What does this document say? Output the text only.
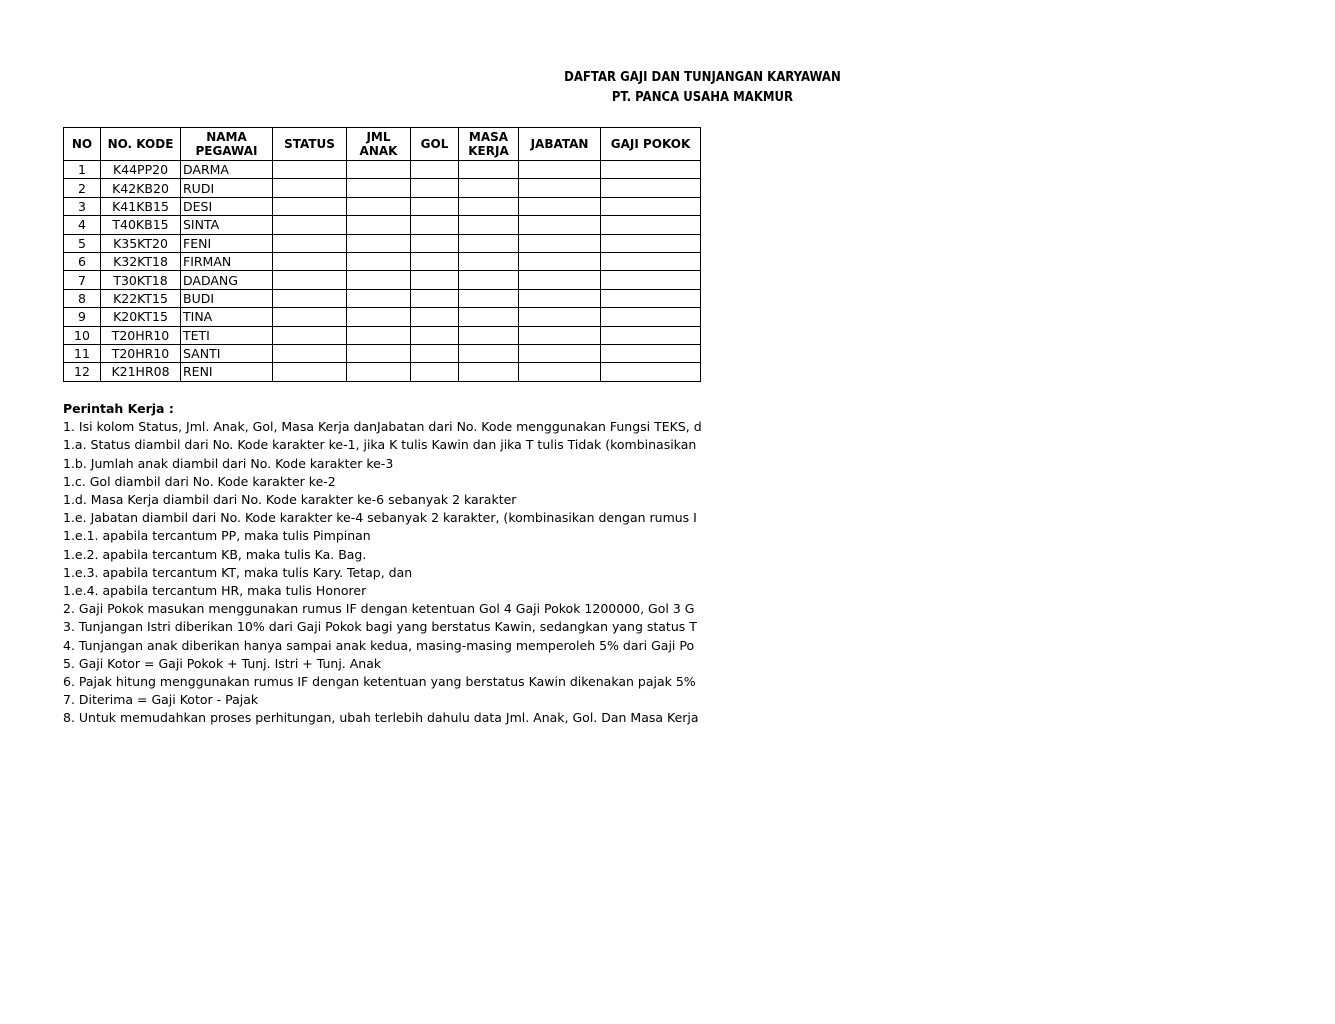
DAFTAR GAJI DAN TUNJANGAN KARYAWAN
PT. PANCA USAHA MAKMUR
NO	NO. KODE	NAMA PEGAWAI	STATUS	JML ANAK	GOL	MASA KERJA	JABATAN	GAJI POKOK
1	K44PP20	DARMA						
2	K42KB20	RUDI						
3	K41KB15	DESI						
4	T40KB15	SINTA						
5	K35KT20	FENI						
6	K32KT18	FIRMAN						
7	T30KT18	DADANG						
8	K22KT15	BUDI						
9	K20KT15	TINA						
10	T20HR10	TETI						
11	T20HR10	SANTI						
12	K21HR08	RENI						
Perintah Kerja :
1. Isi kolom Status, Jml. Anak, Gol, Masa Kerja danJabatan dari No. Kode menggunakan Fungsi TEKS, d
1.a. Status diambil dari No. Kode karakter ke-1, jika K tulis Kawin dan jika T tulis Tidak (kombinasikan
1.b. Jumlah anak diambil dari No. Kode karakter ke-3
1.c. Gol diambil dari No. Kode karakter ke-2
1.d. Masa Kerja diambil dari No. Kode karakter ke-6 sebanyak 2 karakter
1.e. Jabatan diambil dari No. Kode karakter ke-4 sebanyak 2 karakter, (kombinasikan dengan rumus I
1.e.1. apabila tercantum PP, maka tulis Pimpinan
1.e.2. apabila tercantum KB, maka tulis Ka. Bag.
1.e.3. apabila tercantum KT, maka tulis Kary. Tetap, dan
1.e.4. apabila tercantum HR, maka tulis Honorer
2. Gaji Pokok masukan menggunakan rumus IF dengan ketentuan Gol 4 Gaji Pokok 1200000, Gol 3 G
3. Tunjangan Istri diberikan 10% dari Gaji Pokok bagi yang berstatus Kawin, sedangkan yang status T
4. Tunjangan anak diberikan hanya sampai anak kedua, masing-masing memperoleh 5% dari Gaji Po
5. Gaji Kotor = Gaji Pokok + Tunj. Istri + Tunj. Anak
6. Pajak hitung menggunakan rumus IF dengan ketentuan yang berstatus Kawin dikenakan pajak 5%
7. Diterima = Gaji Kotor - Pajak
8. Untuk memudahkan proses perhitungan, ubah terlebih dahulu data Jml. Anak, Gol. Dan Masa Kerja
